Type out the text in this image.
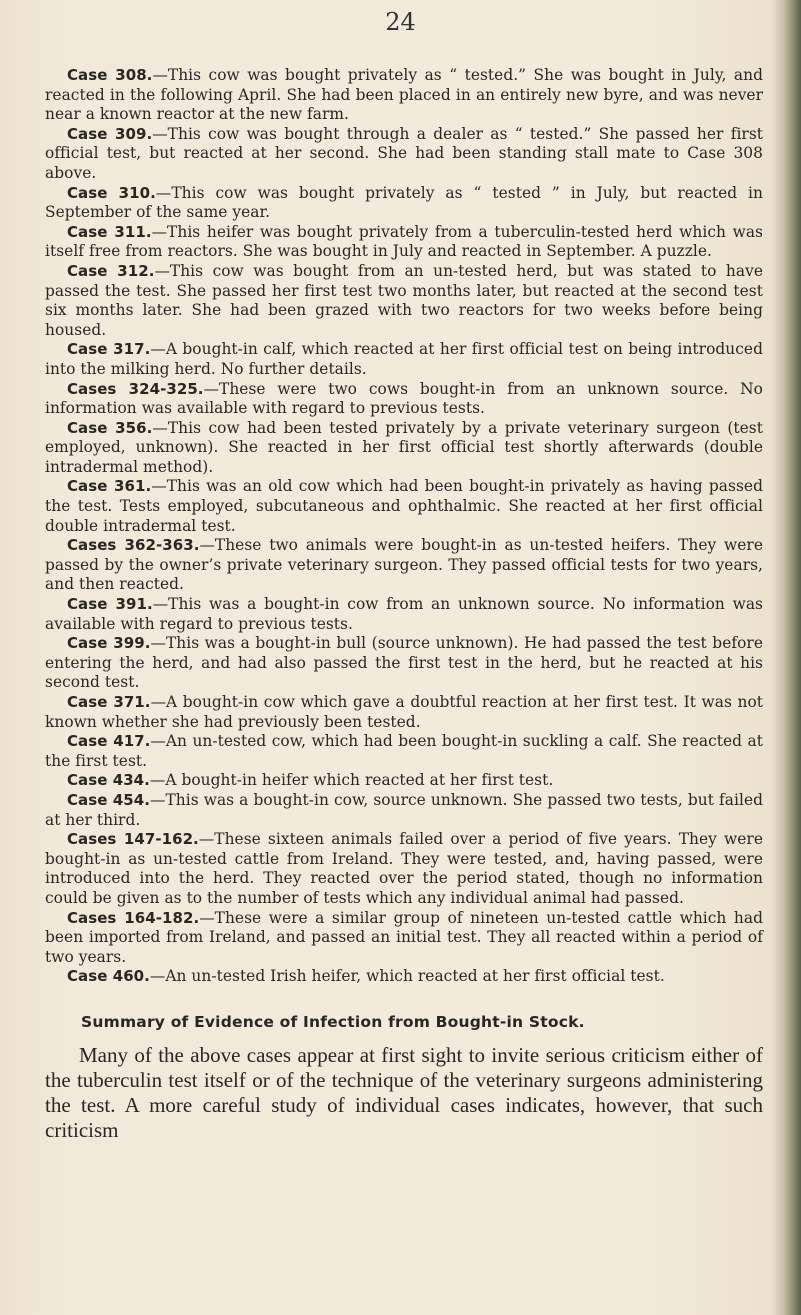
24

Case 308.—This cow was bought privately as “ tested.” She was bought in July, and reacted in the following April. She had been placed in an entirely new byre, and was never near a known reactor at the new farm.

Case 309.—This cow was bought through a dealer as “ tested.” She passed her first official test, but reacted at her second. She had been standing stall mate to Case 308 above.

Case 310.—This cow was bought privately as “ tested ” in July, but reacted in September of the same year.

Case 311.—This heifer was bought privately from a tuberculin-tested herd which was itself free from reactors. She was bought in July and reacted in September. A puzzle.

Case 312.—This cow was bought from an un-tested herd, but was stated to have passed the test. She passed her first test two months later, but reacted at the second test six months later. She had been grazed with two reactors for two weeks before being housed.

Case 317.—A bought-in calf, which reacted at her first official test on being introduced into the milking herd. No further details.

Cases 324-325.—These were two cows bought-in from an unknown source. No information was available with regard to previous tests.

Case 356.—This cow had been tested privately by a private veterinary surgeon (test employed, unknown). She reacted in her first official test shortly afterwards (double intradermal method).

Case 361.—This was an old cow which had been bought-in privately as having passed the test. Tests employed, subcutaneous and ophthalmic. She reacted at her first official double intradermal test.

Cases 362-363.—These two animals were bought-in as un-tested heifers. They were passed by the owner’s private veterinary surgeon. They passed official tests for two years, and then reacted.

Case 391.—This was a bought-in cow from an unknown source. No information was available with regard to previous tests.

Case 399.—This was a bought-in bull (source unknown). He had passed the test before entering the herd, and had also passed the first test in the herd, but he reacted at his second test.

Case 371.—A bought-in cow which gave a doubtful reaction at her first test. It was not known whether she had previously been tested.

Case 417.—An un-tested cow, which had been bought-in suckling a calf. She reacted at the first test.

Case 434.—A bought-in heifer which reacted at her first test.

Case 454.—This was a bought-in cow, source unknown. She passed two tests, but failed at her third.

Cases 147-162.—These sixteen animals failed over a period of five years. They were bought-in as un-tested cattle from Ireland. They were tested, and, having passed, were introduced into the herd. They reacted over the period stated, though no information could be given as to the number of tests which any individual animal had passed.

Cases 164-182.—These were a similar group of nineteen un-tested cattle which had been imported from Ireland, and passed an initial test. They all reacted within a period of two years.

Case 460.—An un-tested Irish heifer, which reacted at her first official test.

Summary of Evidence of Infection from Bought-in Stock.

Many of the above cases appear at first sight to invite serious criticism either of the tuberculin test itself or of the technique of the veterinary surgeons administering the test. A more careful study of individual cases indicates, however, that such criticism
